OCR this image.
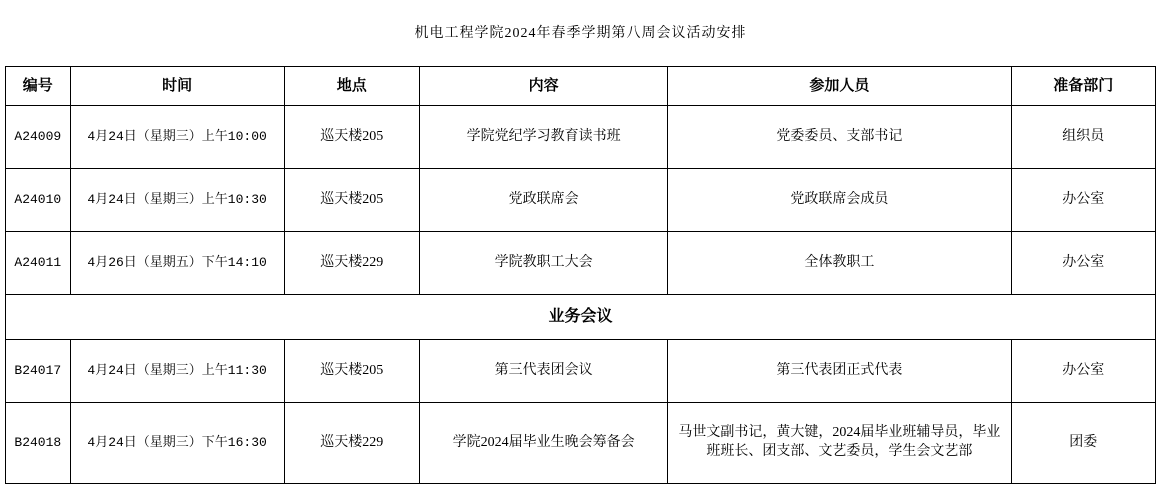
机电工程学院2024年春季学期第八周会议活动安排					
编号	时间	地点	内容	参加人员	准备部门
A24009	4月24日（星期三）上午10:00	巡天楼205	学院党纪学习教育读书班	党委委员、支部书记	组织员
A24010	4月24日（星期三）上午10:30	巡天楼205	党政联席会	党政联席会成员	办公室
A24011	4月26日（星期五）下午14:10	巡天楼229	学院教职工大会	全体教职工	办公室
业务会议					
B24017	4月24日（星期三）上午11:30	巡天楼205	第三代表团会议	第三代表团正式代表	办公室
B24018	4月24日（星期三）下午16:30	巡天楼229	学院2024届毕业生晚会筹备会	马世文副书记，黄大键，2024届毕业班辅导员，毕业班班长、团支部、文艺委员，学生会文艺部	团委
